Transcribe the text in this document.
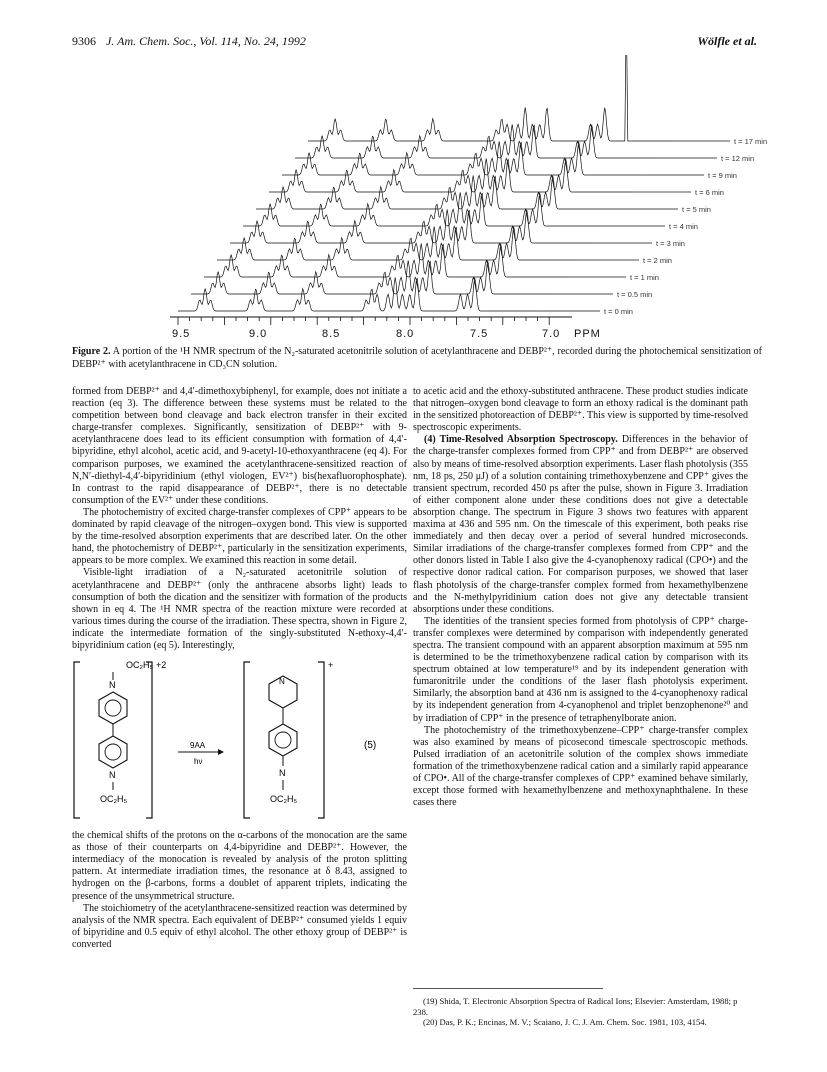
9306 J. Am. Chem. Soc., Vol. 114, No. 24, 1992	Wölfle et al.
9.5	9.0	8.5	8.0	7.5	7.0 PPM
t = 0 min
t = 0.5 min
t = 1 min
t = 2 min
t = 3 min
t = 4 min
t = 5 min
t = 6 min
t = 9 min
t = 12 min
t = 17 min
Figure 2. A portion of the ¹H NMR spectrum of the N₂-saturated acetonitrile solution of acetylanthracene and DEBP²⁺, recorded during the photochemical sensitization of DEBP²⁺ with acetylanthracene in CD₃CN solution.

formed from DEBP²⁺ and 4,4′-dimethoxybiphenyl, for example, does not initiate a reaction (eq 3). The difference between these systems must be related to the competition between bond cleavage and back electron transfer in their excited charge-transfer complexes. Significantly, sensitization of DEBP²⁺ with 9-acetylanthracene does lead to its efficient consumption with formation of 4,4′-bipyridine, ethyl alcohol, acetic acid, and 9-acetyl-10-ethoxyanthracene (eq 4). For comparison purposes, we examined the acetylanthracene-sensitized reaction of N,N′-diethyl-4,4′-bipyridinium (ethyl viologen, EV²⁺) bis(hexafluorophosphate). In contrast to the rapid disappearance of DEBP²⁺, there is no detectable consumption of the EV²⁺ under these conditions.

The photochemistry of excited charge-transfer complexes of CPP⁺ appears to be dominated by rapid cleavage of the nitrogen–oxygen bond. This view is supported by the time-resolved absorption experiments that are described later. On the other hand, the photochemistry of DEBP²⁺, particularly in the sensitization experiments, appears to be more complex. We examined this reaction in some detail.

Visible-light irradiation of a N₂-saturated acetonitrile solution of acetylanthracene and DEBP²⁺ (only the anthracene absorbs light) leads to consumption of both the dication and the sensitizer with formation of the products shown in eq 4. The ¹H NMR spectra of the reaction mixture were recorded at various times during the course of the irradiation. These spectra, shown in Figure 2, indicate the intermediate formation of the singly-substituted N-ethoxy-4,4′-bipyridinium cation (eq 5). Interestingly,

OC₂H₅ +2
N
N
OC₂H₅
9AA
hν
+
N
N
OC₂H₅
(5)

the chemical shifts of the protons on the α-carbons of the monocation are the same as those of their counterparts on 4,4-bipyridine and DEBP²⁺. However, the intermediacy of the monocation is revealed by analysis of the proton splitting pattern. At intermediate irradiation times, the resonance at δ 8.43, assigned to hydrogen on the β-carbons, forms a doublet of apparent triplets, indicating the presence of the unsymmetrical structure.

The stoichiometry of the acetylanthracene-sensitized reaction was determined by analysis of the NMR spectra. Each equivalent of DEBP²⁺ consumed yields 1 equiv of bipyridine and 0.5 equiv of ethyl alcohol. The other ethoxy group of DEBP²⁺ is converted

to acetic acid and the ethoxy-substituted anthracene. These product studies indicate that nitrogen–oxygen bond cleavage to form an ethoxy radical is the dominant path in the sensitized photoreaction of DEBP²⁺. This view is supported by time-resolved spectroscopic experiments.

(4) Time-Resolved Absorption Spectroscopy. Differences in the behavior of the charge-transfer complexes formed from CPP⁺ and from DEBP²⁺ are observed also by means of time-resolved absorption experiments. Laser flash photolysis (355 nm, 18 ps, 250 μJ) of a solution containing trimethoxybenzene and CPP⁺ gives the transient spectrum, recorded 450 ps after the pulse, shown in Figure 3. Irradiation of either component alone under these conditions does not give a detectable absorption change. The spectrum in Figure 3 shows two features with apparent maxima at 436 and 595 nm. On the timescale of this experiment, both peaks rise immediately and then decay over a period of several hundred microseconds. Similar irradiations of the charge-transfer complexes formed from CPP⁺ and the other donors listed in Table I also give the 4-cyanophenoxy radical (CPO•) and the respective donor radical cation. For comparison purposes, we showed that laser flash photolysis of the charge-transfer complex formed from hexamethylbenzene and the N-methylpyridinium cation does not give any detectable transient absorptions under these conditions.

The identities of the transient species formed from photolysis of CPP⁺ charge-transfer complexes were determined by comparison with independently generated spectra. The transient compound with an apparent absorption maximum at 595 nm is determined to be the trimethoxybenzene radical cation by comparison with its spectrum obtained at low temperature¹⁹ and by its independent generation with fumaronitrile under the conditions of the laser flash photolysis experiment. Similarly, the absorption band at 436 nm is assigned to the 4-cyanophenoxy radical by its independent generation from 4-cyanophenol and triplet benzophenone²⁰ and by irradiation of CPP⁺ in the presence of tetraphenylborate anion.

The photochemistry of the trimethoxybenzene–CPP⁺ charge-transfer complex was also examined by means of picosecond timescale spectroscopic methods. Pulsed irradiation of an acetonitrile solution of the complex shows immediate formation of the trimethoxybenzene radical cation and a similarly rapid appearance of CPO•. All of the charge-transfer complexes of CPP⁺ examined behave similarly, except those formed with hexamethylbenzene and methoxynaphthalene. In these cases there

(19) Shida, T. Electronic Absorption Spectra of Radical Ions; Elsevier: Amsterdam, 1988; p 238.

(20) Das, P. K.; Encinas, M. V.; Scaiano, J. C. J. Am. Chem. Soc. 1981, 103, 4154.
